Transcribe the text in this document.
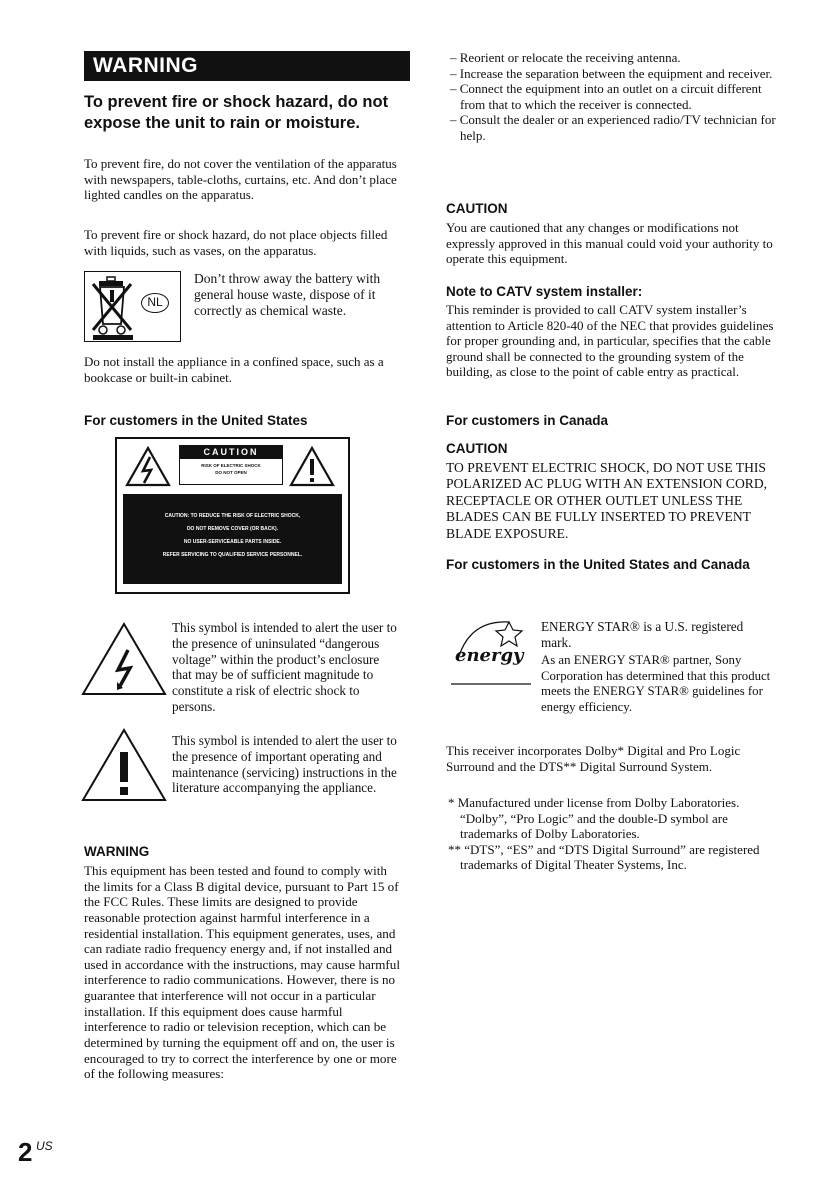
WARNING
To prevent fire or shock hazard, do not expose the unit to rain or moisture.

To prevent fire, do not cover the ventilation of the apparatus with newspapers, table-cloths, curtains, etc. And don’t place lighted candles on the apparatus.

To prevent fire or shock hazard, do not place objects filled with liquids, such as vases, on the apparatus.

NL

Don’t throw away the battery with general house waste, dispose of it correctly as chemical waste.

Do not install the appliance in a confined space, such as a bookcase or built-in cabinet.

For customers in the United States
CAUTION
RISK OF ELECTRIC SHOCK
DO NOT OPEN
CAUTION: TO REDUCE THE RISK OF ELECTRIC SHOCK,
DO NOT REMOVE COVER (OR BACK).
NO USER-SERVICEABLE PARTS INSIDE.
REFER SERVICING TO QUALIFIED SERVICE PERSONNEL.

This symbol is intended to alert the user to the presence of uninsulated “dangerous voltage” within the product’s enclosure that may be of sufficient magnitude to constitute a risk of electric shock to persons.

This symbol is intended to alert the user to the presence of important operating and maintenance (servicing) instructions in the literature accompanying the appliance.

WARNING

This equipment has been tested and found to comply with the limits for a Class B digital device, pursuant to Part 15 of the FCC Rules. These limits are designed to provide reasonable protection against harmful interference in a residential installation. This equipment generates, uses, and can radiate radio frequency energy and, if not installed and used in accordance with the instructions, may cause harmful interference to radio communications. However, there is no guarantee that interference will not occur in a particular installation. If this equipment does cause harmful interference to radio or television reception, which can be determined by turning the equipment off and on, the user is encouraged to try to correct the interference by one or more of the following measures:

– Reorient or relocate the receiving antenna.

– Increase the separation between the equipment and receiver.

– Connect the equipment into an outlet on a circuit different from that to which the receiver is connected.

– Consult the dealer or an experienced radio/TV technician for help.

CAUTION

You are cautioned that any changes or modifications not expressly approved in this manual could void your authority to operate this equipment.

Note to CATV system installer:

This reminder is provided to call CATV system installer’s attention to Article 820-40 of the NEC that provides guidelines for proper grounding and, in particular, specifies that the cable ground shall be connected to the grounding system of the building, as close to the point of cable entry as practical.

For customers in Canada
CAUTION

TO PREVENT ELECTRIC SHOCK, DO NOT USE THIS POLARIZED AC PLUG WITH AN EXTENSION CORD, RECEPTACLE OR OTHER OUTLET UNLESS THE BLADES CAN BE FULLY INSERTED TO PREVENT BLADE EXPOSURE.

For customers in the United States and Canada
energy

ENERGY STAR® is a U.S. registered mark.

As an ENERGY STAR® partner, Sony Corporation has determined that this product meets the ENERGY STAR® guidelines for energy efficiency.

This receiver incorporates Dolby* Digital and Pro Logic Surround and the DTS** Digital Surround System.

* Manufactured under license from Dolby Laboratories.

“Dolby”, “Pro Logic” and the double-D symbol are trademarks of Dolby Laboratories.

** “DTS”, “ES” and “DTS Digital Surround” are registered trademarks of Digital Theater Systems, Inc.

2 US
